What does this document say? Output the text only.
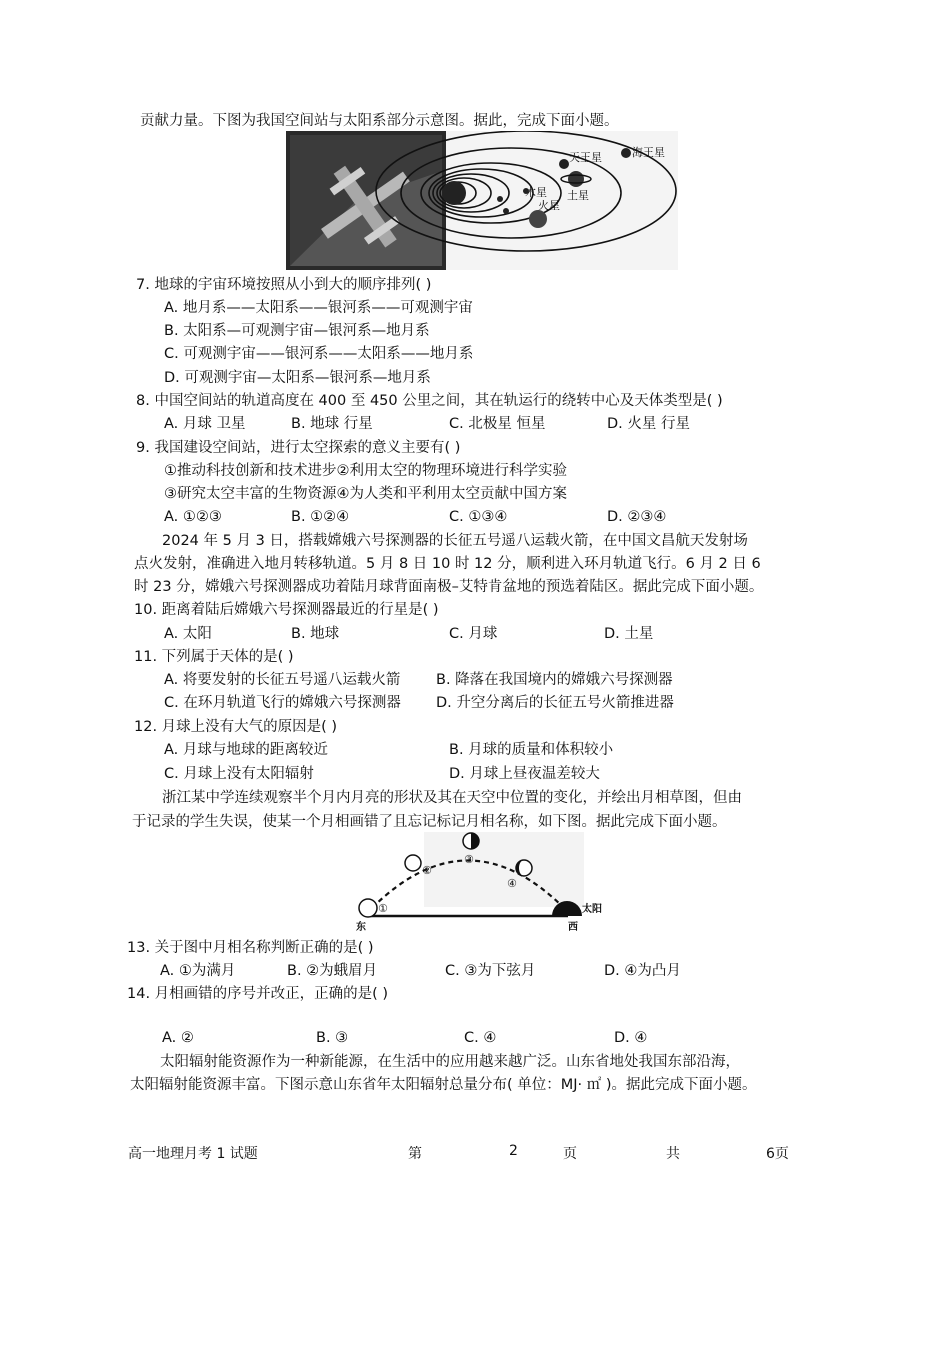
贡献力量。下图为我国空间站与太阳系部分示意图。据此，完成下面小题。
天王星	海王星
土星
木星
火星
7. 地球的宇宙环境按照从小到大的顺序排列( )
A. 地月系——太阳系——银河系——可观测宇宙
B. 太阳系—可观测宇宙—银河系—地月系
C. 可观测宇宙——银河系——太阳系——地月系
D. 可观测宇宙—太阳系—银河系—地月系
8. 中国空间站的轨道高度在 400 至 450 公里之间，其在轨运行的绕转中心及天体类型是( )
A. 月球 卫星	B. 地球 行星	C. 北极星 恒星	D. 火星 行星
9. 我国建设空间站，进行太空探索的意义主要有( )
①推动科技创新和技术进步②利用太空的物理环境进行科学实验
③研究太空丰富的生物资源④为人类和平利用太空贡献中国方案
A. ①②③	B. ①②④	C. ①③④	D. ②③④
2024 年 5 月 3 日，搭载嫦娥六号探测器的长征五号遥八运载火箭，在中国文昌航天发射场
点火发射，准确进入地月转移轨道。5 月 8 日 10 时 12 分，顺利进入环月轨道飞行。6 月 2 日 6
时 23 分，嫦娥六号探测器成功着陆月球背面南极–艾特肯盆地的预选着陆区。据此完成下面小题。
10. 距离着陆后嫦娥六号探测器最近的行星是( )
A. 太阳	B. 地球	C. 月球	D. 土星
11. 下列属于天体的是( )
A. 将要发射的长征五号遥八运载火箭 B. 降落在我国境内的嫦娥六号探测器
C. 在环月轨道飞行的嫦娥六号探测器 D. 升空分离后的长征五号火箭推进器
12. 月球上没有大气的原因是( )
A. 月球与地球的距离较近	B. 月球的质量和体积较小
C. 月球上没有太阳辐射	D. 月球上昼夜温差较大
浙江某中学连续观察半个月内月亮的形状及其在天空中位置的变化，并绘出月相草图，但由
于记录的学生失误，使某一个月相画错了且忘记标记月相名称，如下图。据此完成下面小题。
①
②
③
④
太阳
东	西
13. 关于图中月相名称判断正确的是( )
A. ①为满月	B. ②为蛾眉月	C. ③为下弦月	D. ④为凸月
14. 月相画错的序号并改正，正确的是( )
A. ②	B. ③	C. ④	D. ④
太阳辐射能资源作为一种新能源，在生活中的应用越来越广泛。山东省地处我国东部沿海，
太阳辐射能资源丰富。下图示意山东省年太阳辐射总量分布( 单位：MJ· ㎡ )。据此完成下面小题。
高一地理月考 1 试题	第	2	页	共	6页
